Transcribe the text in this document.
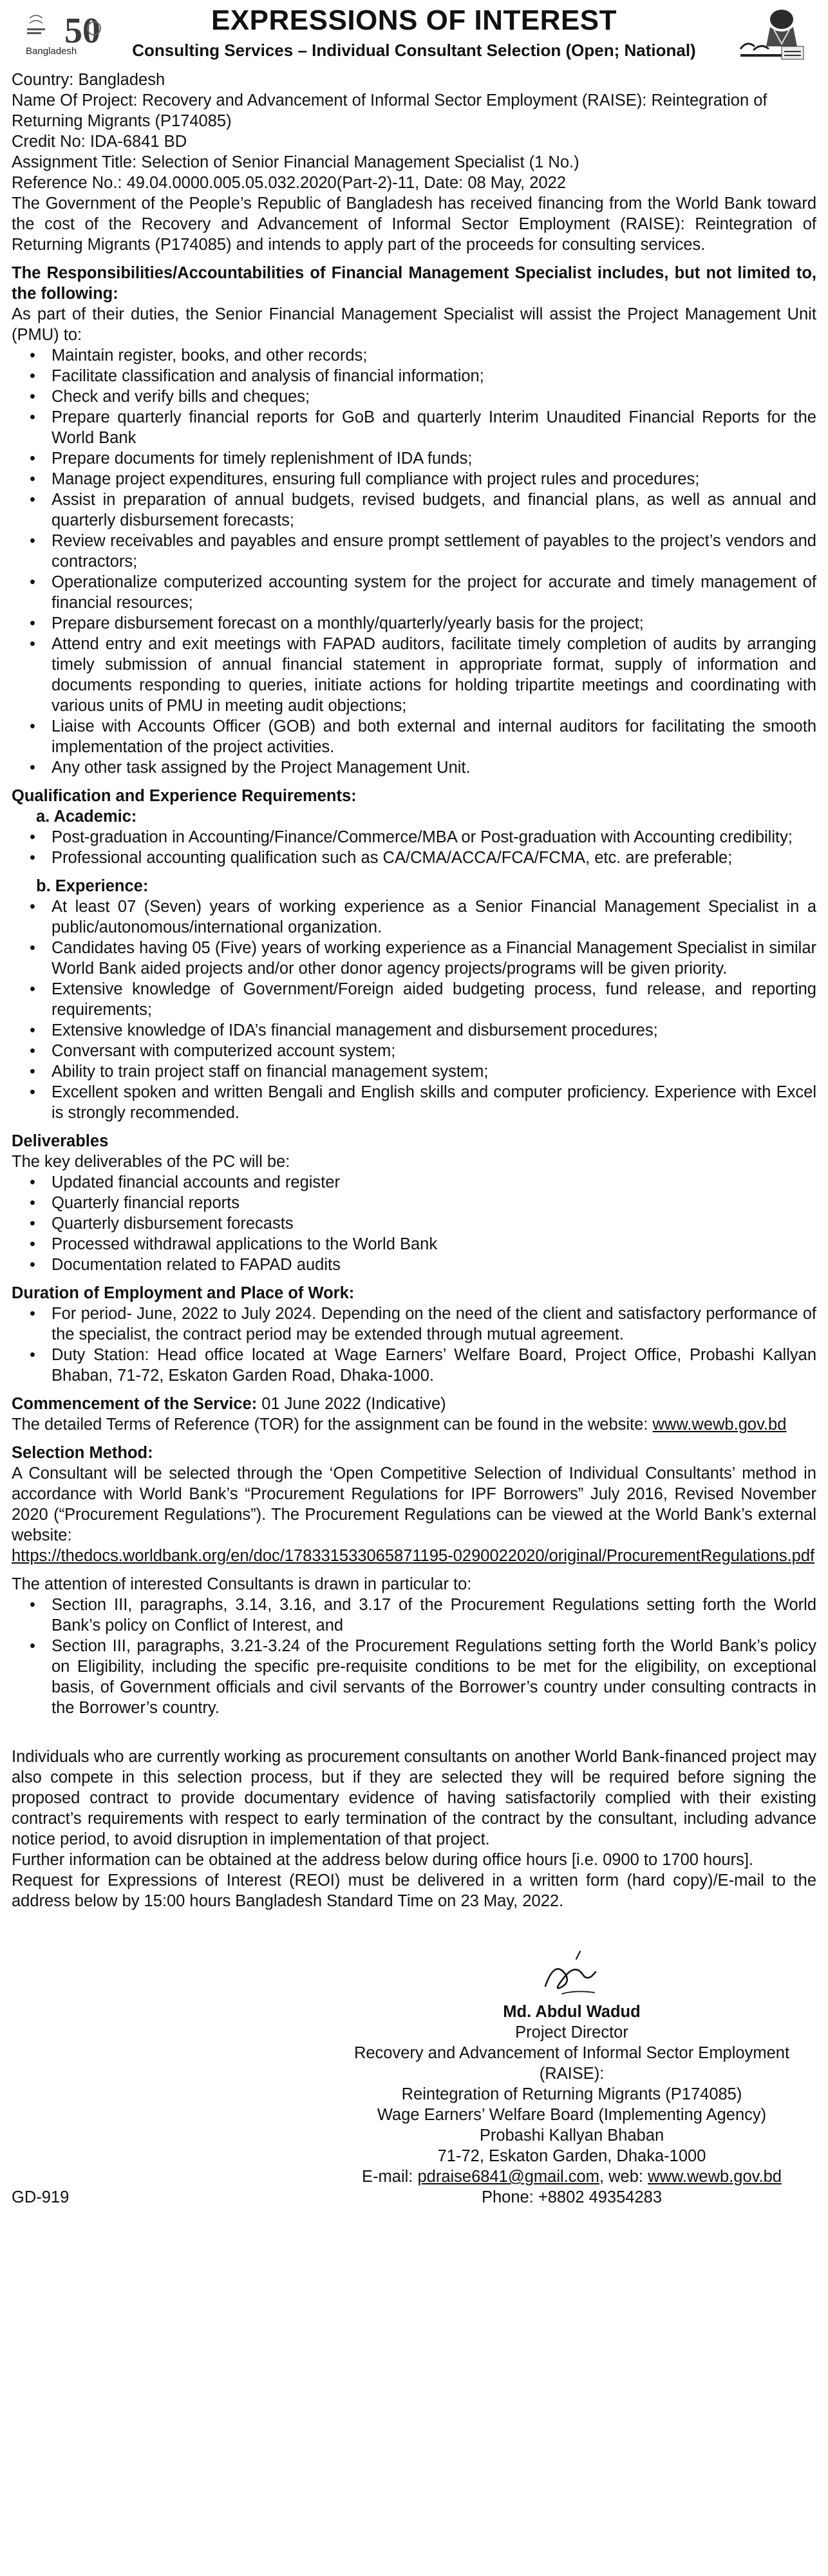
50
Bangladesh
EXPRESSIONS OF INTEREST
Consulting Services – Individual Consultant Selection (Open; National)

Country: Bangladesh

Name Of Project: Recovery and Advancement of Informal Sector Employment (RAISE): Reintegration of Returning Migrants (P174085)

Credit No: IDA-6841 BD

Assignment Title: Selection of Senior Financial Management Specialist (1 No.)

Reference No.: 49.04.0000.005.05.032.2020(Part-2)-11, Date: 08 May, 2022

The Government of the People’s Republic of Bangladesh has received financing from the World Bank toward the cost of the Recovery and Advancement of Informal Sector Employment (RAISE): Reintegration of Returning Migrants (P174085) and intends to apply part of the proceeds for consulting services.

The Responsibilities/Accountabilities of Financial Management Specialist includes, but not limited to, the following:

As part of their duties, the Senior Financial Management Specialist will assist the Project Management Unit (PMU) to:

• Maintain register, books, and other records;
• Facilitate classification and analysis of financial information;
• Check and verify bills and cheques;
• Prepare quarterly financial reports for GoB and quarterly Interim Unaudited Financial Reports for the World Bank
• Prepare documents for timely replenishment of IDA funds;
• Manage project expenditures, ensuring full compliance with project rules and procedures;
• Assist in preparation of annual budgets, revised budgets, and financial plans, as well as annual and quarterly disbursement forecasts;
• Review receivables and payables and ensure prompt settlement of payables to the project’s vendors and contractors;
• Operationalize computerized accounting system for the project for accurate and timely management of financial resources;
• Prepare disbursement forecast on a monthly/quarterly/yearly basis for the project;
• Attend entry and exit meetings with FAPAD auditors, facilitate timely completion of audits by arranging timely submission of annual financial statement in appropriate format, supply of information and documents responding to queries, initiate actions for holding tripartite meetings and coordinating with various units of PMU in meeting audit objections;
• Liaise with Accounts Officer (GOB) and both external and internal auditors for facilitating the smooth implementation of the project activities.
• Any other task assigned by the Project Management Unit.

Qualification and Experience Requirements:

a. Academic:

• Post-graduation in Accounting/Finance/Commerce/MBA or Post-graduation with Accounting credibility;
• Professional accounting qualification such as CA/CMA/ACCA/FCA/FCMA, etc. are preferable;

b. Experience:

• At least 07 (Seven) years of working experience as a Senior Financial Management Specialist in a public/autonomous/international organization.
• Candidates having 05 (Five) years of working experience as a Financial Management Specialist in similar World Bank aided projects and/or other donor agency projects/programs will be given priority.
• Extensive knowledge of Government/Foreign aided budgeting process, fund release, and reporting requirements;
• Extensive knowledge of IDA’s financial management and disbursement procedures;
• Conversant with computerized account system;
• Ability to train project staff on financial management system;
• Excellent spoken and written Bengali and English skills and computer proficiency. Experience with Excel is strongly recommended.

Deliverables

The key deliverables of the PC will be:

• Updated financial accounts and register
• Quarterly financial reports
• Quarterly disbursement forecasts
• Processed withdrawal applications to the World Bank
• Documentation related to FAPAD audits

Duration of Employment and Place of Work:

• For period- June, 2022 to July 2024. Depending on the need of the client and satisfactory performance of the specialist, the contract period may be extended through mutual agreement.
• Duty Station: Head office located at Wage Earners’ Welfare Board, Project Office, Probashi Kallyan Bhaban, 71-72, Eskaton Garden Road, Dhaka-1000.

Commencement of the Service: 01 June 2022 (Indicative)

The detailed Terms of Reference (TOR) for the assignment can be found in the website: www.wewb.gov.bd

Selection Method:

A Consultant will be selected through the ‘Open Competitive Selection of Individual Consultants’ method in accordance with World Bank’s “Procurement Regulations for IPF Borrowers” July 2016, Revised November 2020 (“Procurement Regulations”). The Procurement Regulations can be viewed at the World Bank’s external website:

https://thedocs.worldbank.org/en/doc/178331533065871195-0290022020/original/ProcurementRegulations.pdf

The attention of interested Consultants is drawn in particular to:

• Section III, paragraphs, 3.14, 3.16, and 3.17 of the Procurement Regulations setting forth the World Bank’s policy on Conflict of Interest, and
• Section III, paragraphs, 3.21-3.24 of the Procurement Regulations setting forth the World Bank’s policy on Eligibility, including the specific pre-requisite conditions to be met for the eligibility, on exceptional basis, of Government officials and civil servants of the Borrower’s country under consulting contracts in the Borrower’s country.

Individuals who are currently working as procurement consultants on another World Bank-financed project may also compete in this selection process, but if they are selected they will be required before signing the proposed contract to provide documentary evidence of having satisfactorily complied with their existing contract’s requirements with respect to early termination of the contract by the consultant, including advance notice period, to avoid disruption in implementation of that project.

Further information can be obtained at the address below during office hours [i.e. 0900 to 1700 hours].

Request for Expressions of Interest (REOI) must be delivered in a written form (hard copy)/E-mail to the address below by 15:00 hours Bangladesh Standard Time on 23 May, 2022.

Md. Abdul Wadud

Project Director

Recovery and Advancement of Informal Sector Employment (RAISE):

Reintegration of Returning Migrants (P174085)

Wage Earners’ Welfare Board (Implementing Agency)

Probashi Kallyan Bhaban

71-72, Eskaton Garden, Dhaka-1000

E-mail: pdraise6841@gmail.com, web: www.wewb.gov.bd

Phone: +8802 49354283

GD-919
